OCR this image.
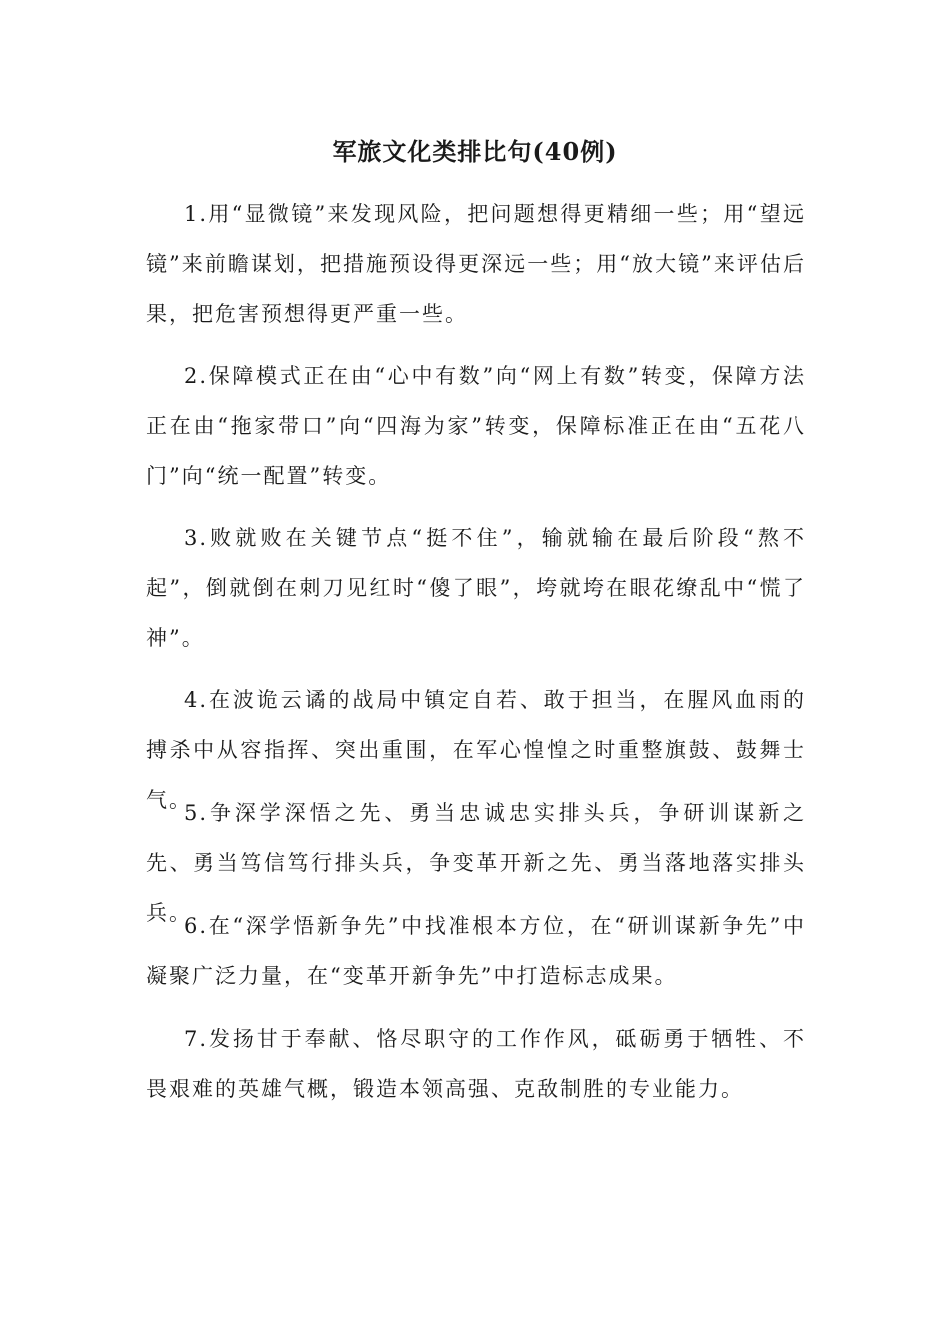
军旅文化类排比句(40例)

1.用“显微镜”来发现风险，把问题想得更精细一些；用“望远镜”来前瞻谋划，把措施预设得更深远一些；用“放大镜”来评估后果，把危害预想得更严重一些。

2.保障模式正在由“心中有数”向“网上有数”转变，保障方法正在由“拖家带口”向“四海为家”转变，保障标准正在由“五花八门”向“统一配置”转变。

3.败就败在关键节点“挺不住”，输就输在最后阶段“熬不起”，倒就倒在刺刀见红时“傻了眼”，垮就垮在眼花缭乱中“慌了神”。

4.在波诡云谲的战局中镇定自若、敢于担当，在腥风血雨的搏杀中从容指挥、突出重围，在军心惶惶之时重整旗鼓、鼓舞士气。

5.争深学深悟之先、勇当忠诚忠实排头兵，争研训谋新之先、勇当笃信笃行排头兵，争变革开新之先、勇当落地落实排头兵。

6.在“深学悟新争先”中找准根本方位，在“研训谋新争先”中凝聚广泛力量，在“变革开新争先”中打造标志成果。

7.发扬甘于奉献、恪尽职守的工作作风，砥砺勇于牺牲、不畏艰难的英雄气概，锻造本领高强、克敌制胜的专业能力。
